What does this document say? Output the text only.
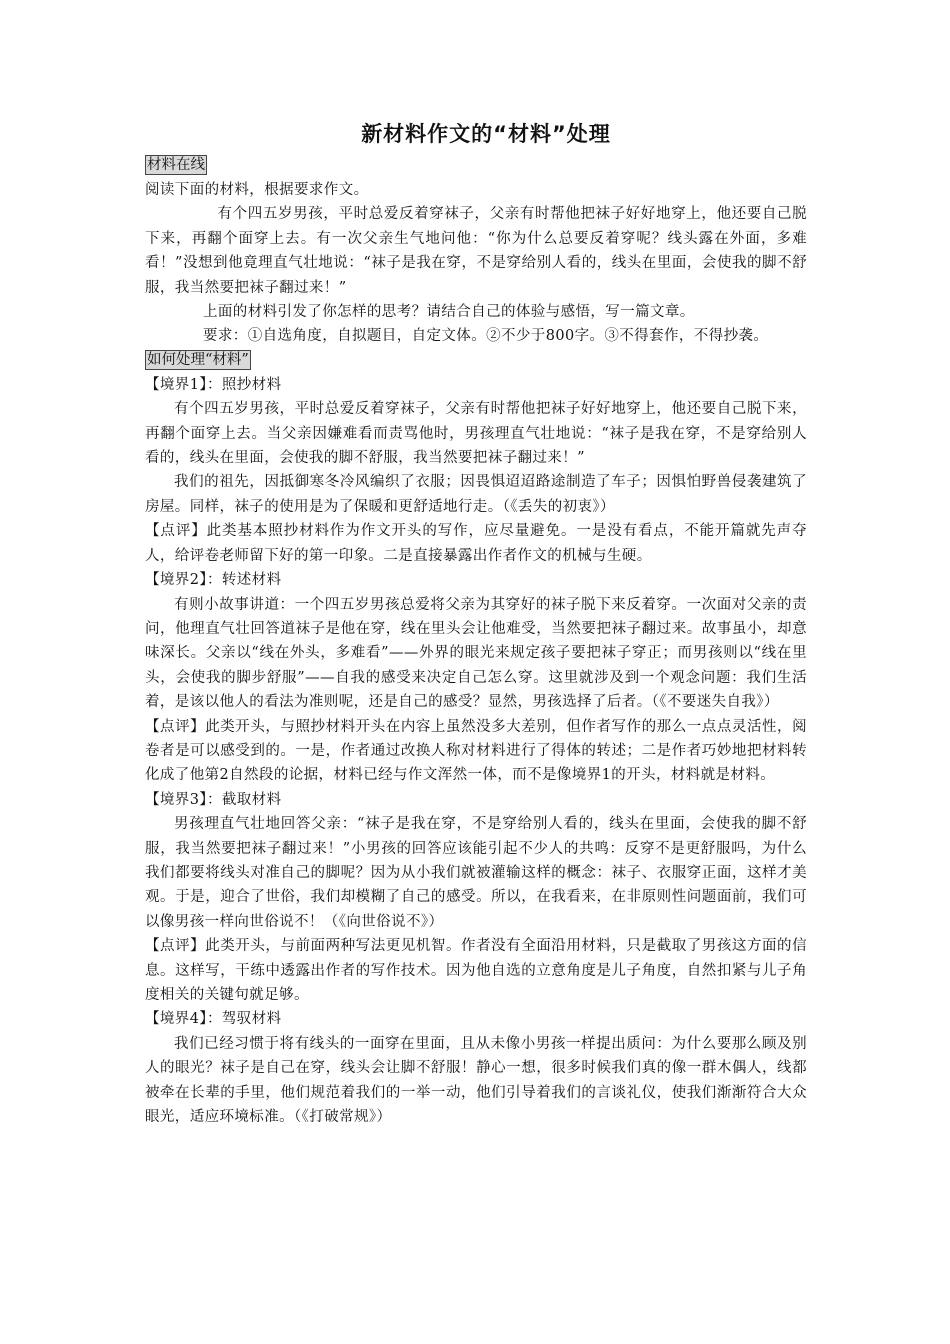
新材料作文的“材料”处理
材料在线

阅读下面的材料，根据要求作文。

有个四五岁男孩，平时总爱反着穿袜子，父亲有时帮他把袜子好好地穿上，他还要自己脱下来，再翻个面穿上去。有一次父亲生气地问他：“你为什么总要反着穿呢？线头露在外面，多难看！”没想到他竟理直气壮地说：“袜子是我在穿，不是穿给别人看的，线头在里面，会使我的脚不舒服，我当然要把袜子翻过来！”

上面的材料引发了你怎样的思考？请结合自己的体验与感悟，写一篇文章。

要求：①自选角度，自拟题目，自定文体。②不少于800字。③不得套作，不得抄袭。

如何处理“材料”

【境界1】：照抄材料

有个四五岁男孩，平时总爱反着穿袜子，父亲有时帮他把袜子好好地穿上，他还要自己脱下来，再翻个面穿上去。当父亲因嫌难看而责骂他时，男孩理直气壮地说：“袜子是我在穿，不是穿给别人看的，线头在里面，会使我的脚不舒服，我当然要把袜子翻过来！”

我们的祖先，因抵御寒冬冷风编织了衣服；因畏惧迢迢路途制造了车子；因惧怕野兽侵袭建筑了房屋。同样，袜子的使用是为了保暖和更舒适地行走。（《丢失的初衷》）

【点评】此类基本照抄材料作为作文开头的写作，应尽量避免。一是没有看点，不能开篇就先声夺人，给评卷老师留下好的第一印象。二是直接暴露出作者作文的机械与生硬。

【境界2】：转述材料

有则小故事讲道：一个四五岁男孩总爱将父亲为其穿好的袜子脱下来反着穿。一次面对父亲的责问，他理直气壮回答道袜子是他在穿，线在里头会让他难受，当然要把袜子翻过来。故事虽小，却意味深长。父亲以“线在外头，多难看”——外界的眼光来规定孩子要把袜子穿正；而男孩则以“线在里头，会使我的脚步舒服”——自我的感受来决定自己怎么穿。这里就涉及到一个观念问题：我们生活着，是该以他人的看法为准则呢，还是自己的感受？显然，男孩选择了后者。（《不要迷失自我》）

【点评】此类开头，与照抄材料开头在内容上虽然没多大差别，但作者写作的那么一点点灵活性，阅卷者是可以感受到的。一是，作者通过改换人称对材料进行了得体的转述；二是作者巧妙地把材料转化成了他第2自然段的论据，材料已经与作文浑然一体，而不是像境界1的开头，材料就是材料。

【境界3】：截取材料

男孩理直气壮地回答父亲：“袜子是我在穿，不是穿给别人看的，线头在里面，会使我的脚不舒服，我当然要把袜子翻过来！”小男孩的回答应该能引起不少人的共鸣：反穿不是更舒服吗，为什么我们都要将线头对准自己的脚呢？因为从小我们就被灌输这样的概念：袜子、衣服穿正面，这样才美观。于是，迎合了世俗，我们却模糊了自己的感受。所以，在我看来，在非原则性问题面前，我们可以像男孩一样向世俗说不！（《向世俗说不》）

【点评】此类开头，与前面两种写法更见机智。作者没有全面沿用材料，只是截取了男孩这方面的信息。这样写，干练中透露出作者的写作技术。因为他自选的立意角度是儿子角度，自然扣紧与儿子角度相关的关键句就足够。

【境界4】：驾驭材料

我们已经习惯于将有线头的一面穿在里面，且从未像小男孩一样提出质问：为什么要那么顾及别人的眼光？袜子是自己在穿，线头会让脚不舒服！静心一想，很多时候我们真的像一群木偶人，线都被牵在长辈的手里，他们规范着我们的一举一动，他们引导着我们的言谈礼仪，使我们渐渐符合大众眼光，适应环境标准。（《打破常规》）
